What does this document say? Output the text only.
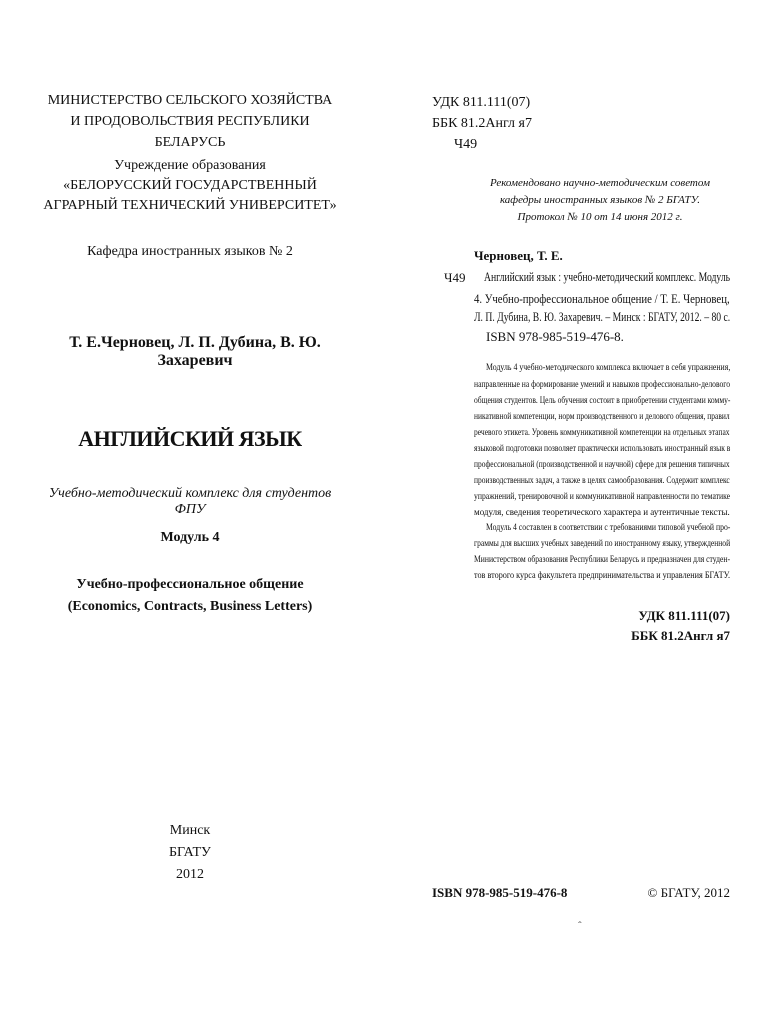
МИНИСТЕРСТВО СЕЛЬСКОГО ХОЗЯЙСТВА
И ПРОДОВОЛЬСТВИЯ РЕСПУБЛИКИ БЕЛАРУСЬ
Учреждение образования
«БЕЛОРУССКИЙ ГОСУДАРСТВЕННЫЙ
АГРАРНЫЙ ТЕХНИЧЕСКИЙ УНИВЕРСИТЕТ»
Кафедра иностранных языков № 2
Т. Е.Черновец, Л. П. Дубина, В. Ю. Захаревич
АНГЛИЙСКИЙ ЯЗЫК
Учебно-методический комплекс для студентов ФПУ
Модуль 4
Учебно-профессиональное общение
(Economics, Contracts, Business Letters)
Минск
БГАТУ
2012
УДК 811.111(07)
ББК 81.2Англ я7
Ч49
Рекомендовано научно-методическим советом
кафедры иностранных языков № 2 БГАТУ.
Протокол № 10 от 14 июня 2012 г.
Черновец, Т. Е.
Ч49 Английский язык : учебно-методический комплекс. Модуль
4. Учебно-профессиональное общение / Т. Е. Черновец,
Л. П. Дубина, В. Ю. Захаревич. – Минск : БГАТУ, 2012. – 80 с.
ISBN 978-985-519-476-8.
Модуль 4 учебно-методического комплекса включает в себя упражнения,
направленные на формирование умений и навыков профессионально-делового
общения студентов. Цель обучения состоит в приобретении студентами комму-
никативной компетенции, норм производственного и делового общения, правил
речевого этикета. Уровень коммуникативной компетенции на отдельных этапах
языковой подготовки позволяет практически использовать иностранный язык в
профессиональной (производственной и научной) сфере для решения типичных
производственных задач, а также в целях самообразования. Содержит комплекс
упражнений, тренировочной и коммуникативной направленности по тематике
модуля, сведения теоретического характера и аутентичные тексты.
Модуль 4 составлен в соответствии с требованиями типовой учебной про-
граммы для высших учебных заведений по иностранному языку, утвержденной
Министерством образования Республики Беларусь и предназначен для студен-
тов второго курса факультета предпринимательства и управления БГАТУ.
УДК 811.111(07)
ББК 81.2Англ я7
ISBN 978-985-519-476-8	© БГАТУ, 2012
ˆ
